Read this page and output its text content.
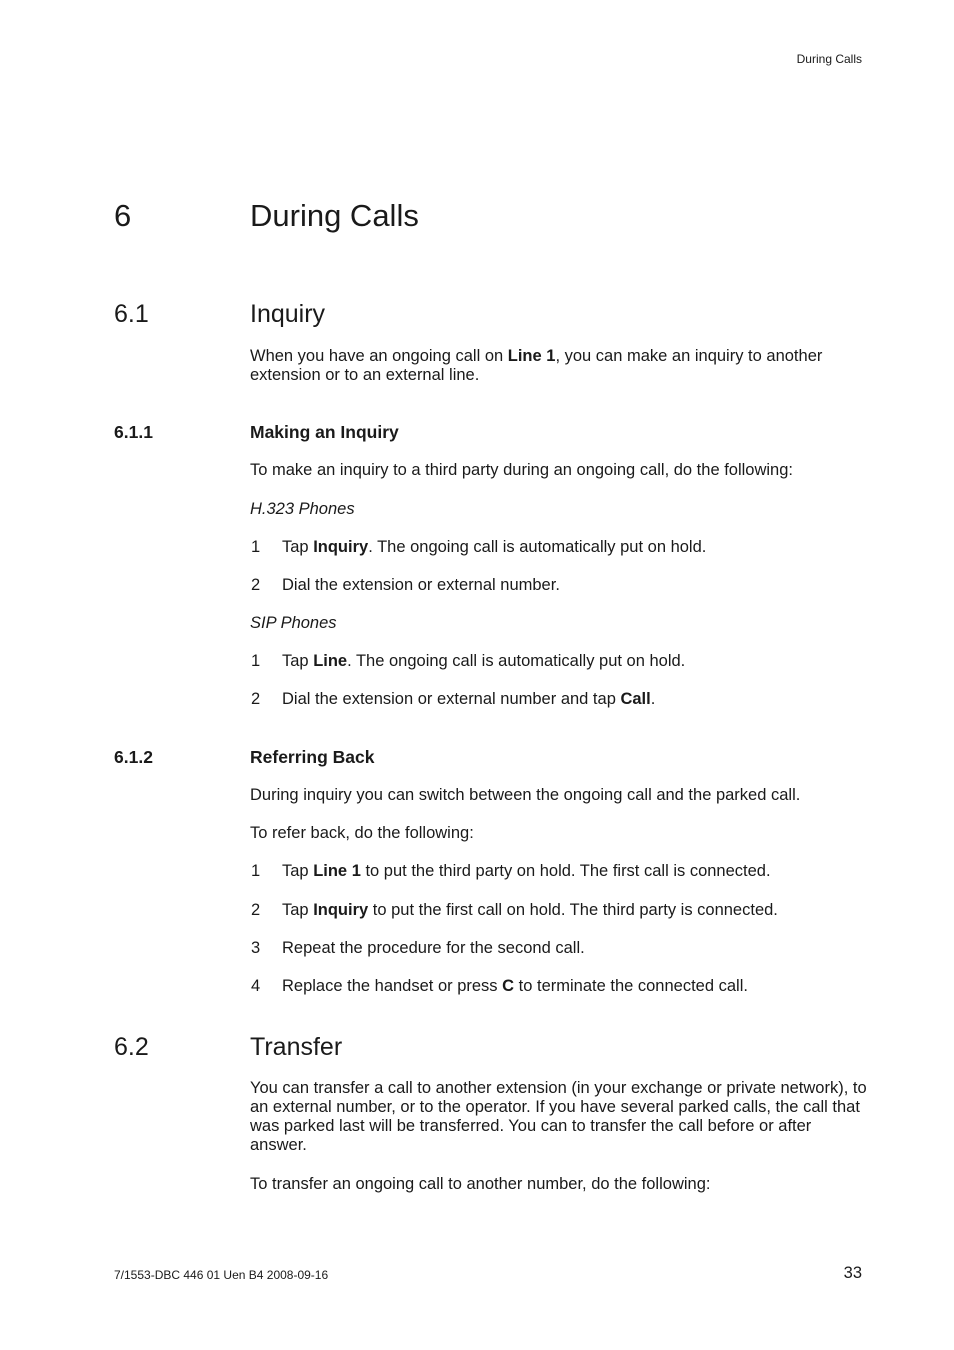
During Calls
6	During Calls
6.1	Inquiry
When you have an ongoing call on Line 1, you can make an inquiry to another extension or to an external line.
6.1.1	Making an Inquiry
To make an inquiry to a third party during an ongoing call, do the following:
H.323 Phones
1 Tap Inquiry. The ongoing call is automatically put on hold.
2 Dial the extension or external number.
SIP Phones
1 Tap Line. The ongoing call is automatically put on hold.
2 Dial the extension or external number and tap Call.
6.1.2	Referring Back
During inquiry you can switch between the ongoing call and the parked call.
To refer back, do the following:
1 Tap Line 1 to put the third party on hold. The first call is connected.
2 Tap Inquiry to put the first call on hold. The third party is connected.
3 Repeat the procedure for the second call.
4 Replace the handset or press C to terminate the connected call.
6.2	Transfer
You can transfer a call to another extension (in your exchange or private network), to an external number, or to the operator. If you have several parked calls, the call that was parked last will be transferred. You can to transfer the call before or after answer.
To transfer an ongoing call to another number, do the following:
7/1553-DBC 446 01 Uen B4 2008-09-16	33
